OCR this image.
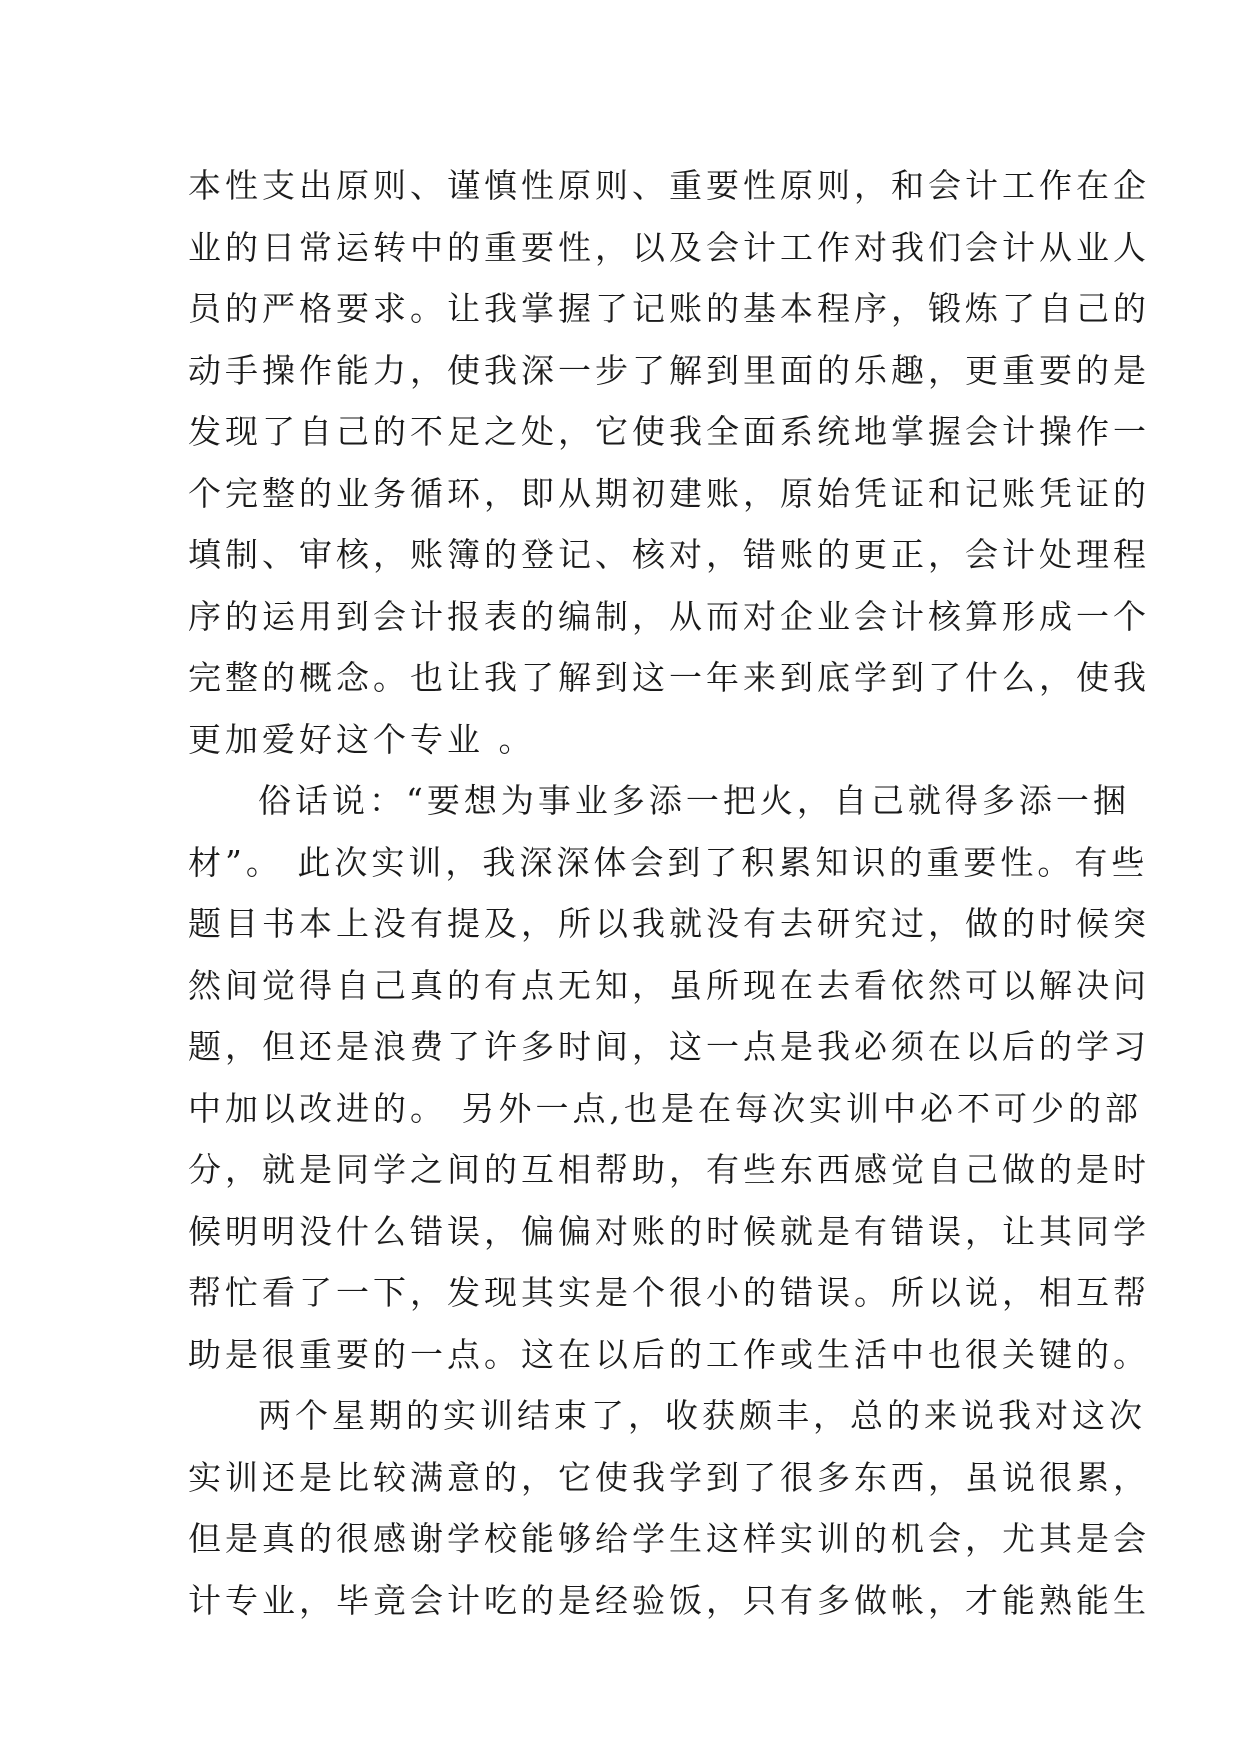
本性支出原则、谨慎性原则、重要性原则，和会计工作在企
业的日常运转中的重要性，以及会计工作对我们会计从业人
员的严格要求。让我掌握了记账的基本程序，锻炼了自己的
动手操作能力，使我深一步了解到里面的乐趣，更重要的是
发现了自己的不足之处，它使我全面系统地掌握会计操作一
个完整的业务循环，即从期初建账，原始凭证和记账凭证的
填制、审核，账簿的登记、核对，错账的更正，会计处理程
序的运用到会计报表的编制，从而对企业会计核算形成一个
完整的概念。也让我了解到这一年来到底学到了什么，使我
更加爱好这个专业 。
俗话说：“要想为事业多添一把火，自己就得多添一捆
材”。 此次实训，我深深体会到了积累知识的重要性。有些
题目书本上没有提及，所以我就没有去研究过，做的时候突
然间觉得自己真的有点无知，虽所现在去看依然可以解决问
题，但还是浪费了许多时间，这一点是我必须在以后的学习
中加以改进的。 另外一点,也是在每次实训中必不可少的部
分，就是同学之间的互相帮助，有些东西感觉自己做的是时
候明明没什么错误，偏偏对账的时候就是有错误，让其同学
帮忙看了一下，发现其实是个很小的错误。所以说，相互帮
助是很重要的一点。这在以后的工作或生活中也很关键的。
两个星期的实训结束了，收获颇丰，总的来说我对这次
实训还是比较满意的，它使我学到了很多东西，虽说很累，
但是真的很感谢学校能够给学生这样实训的机会，尤其是会
计专业，毕竟会计吃的是经验饭，只有多做帐，才能熟能生
